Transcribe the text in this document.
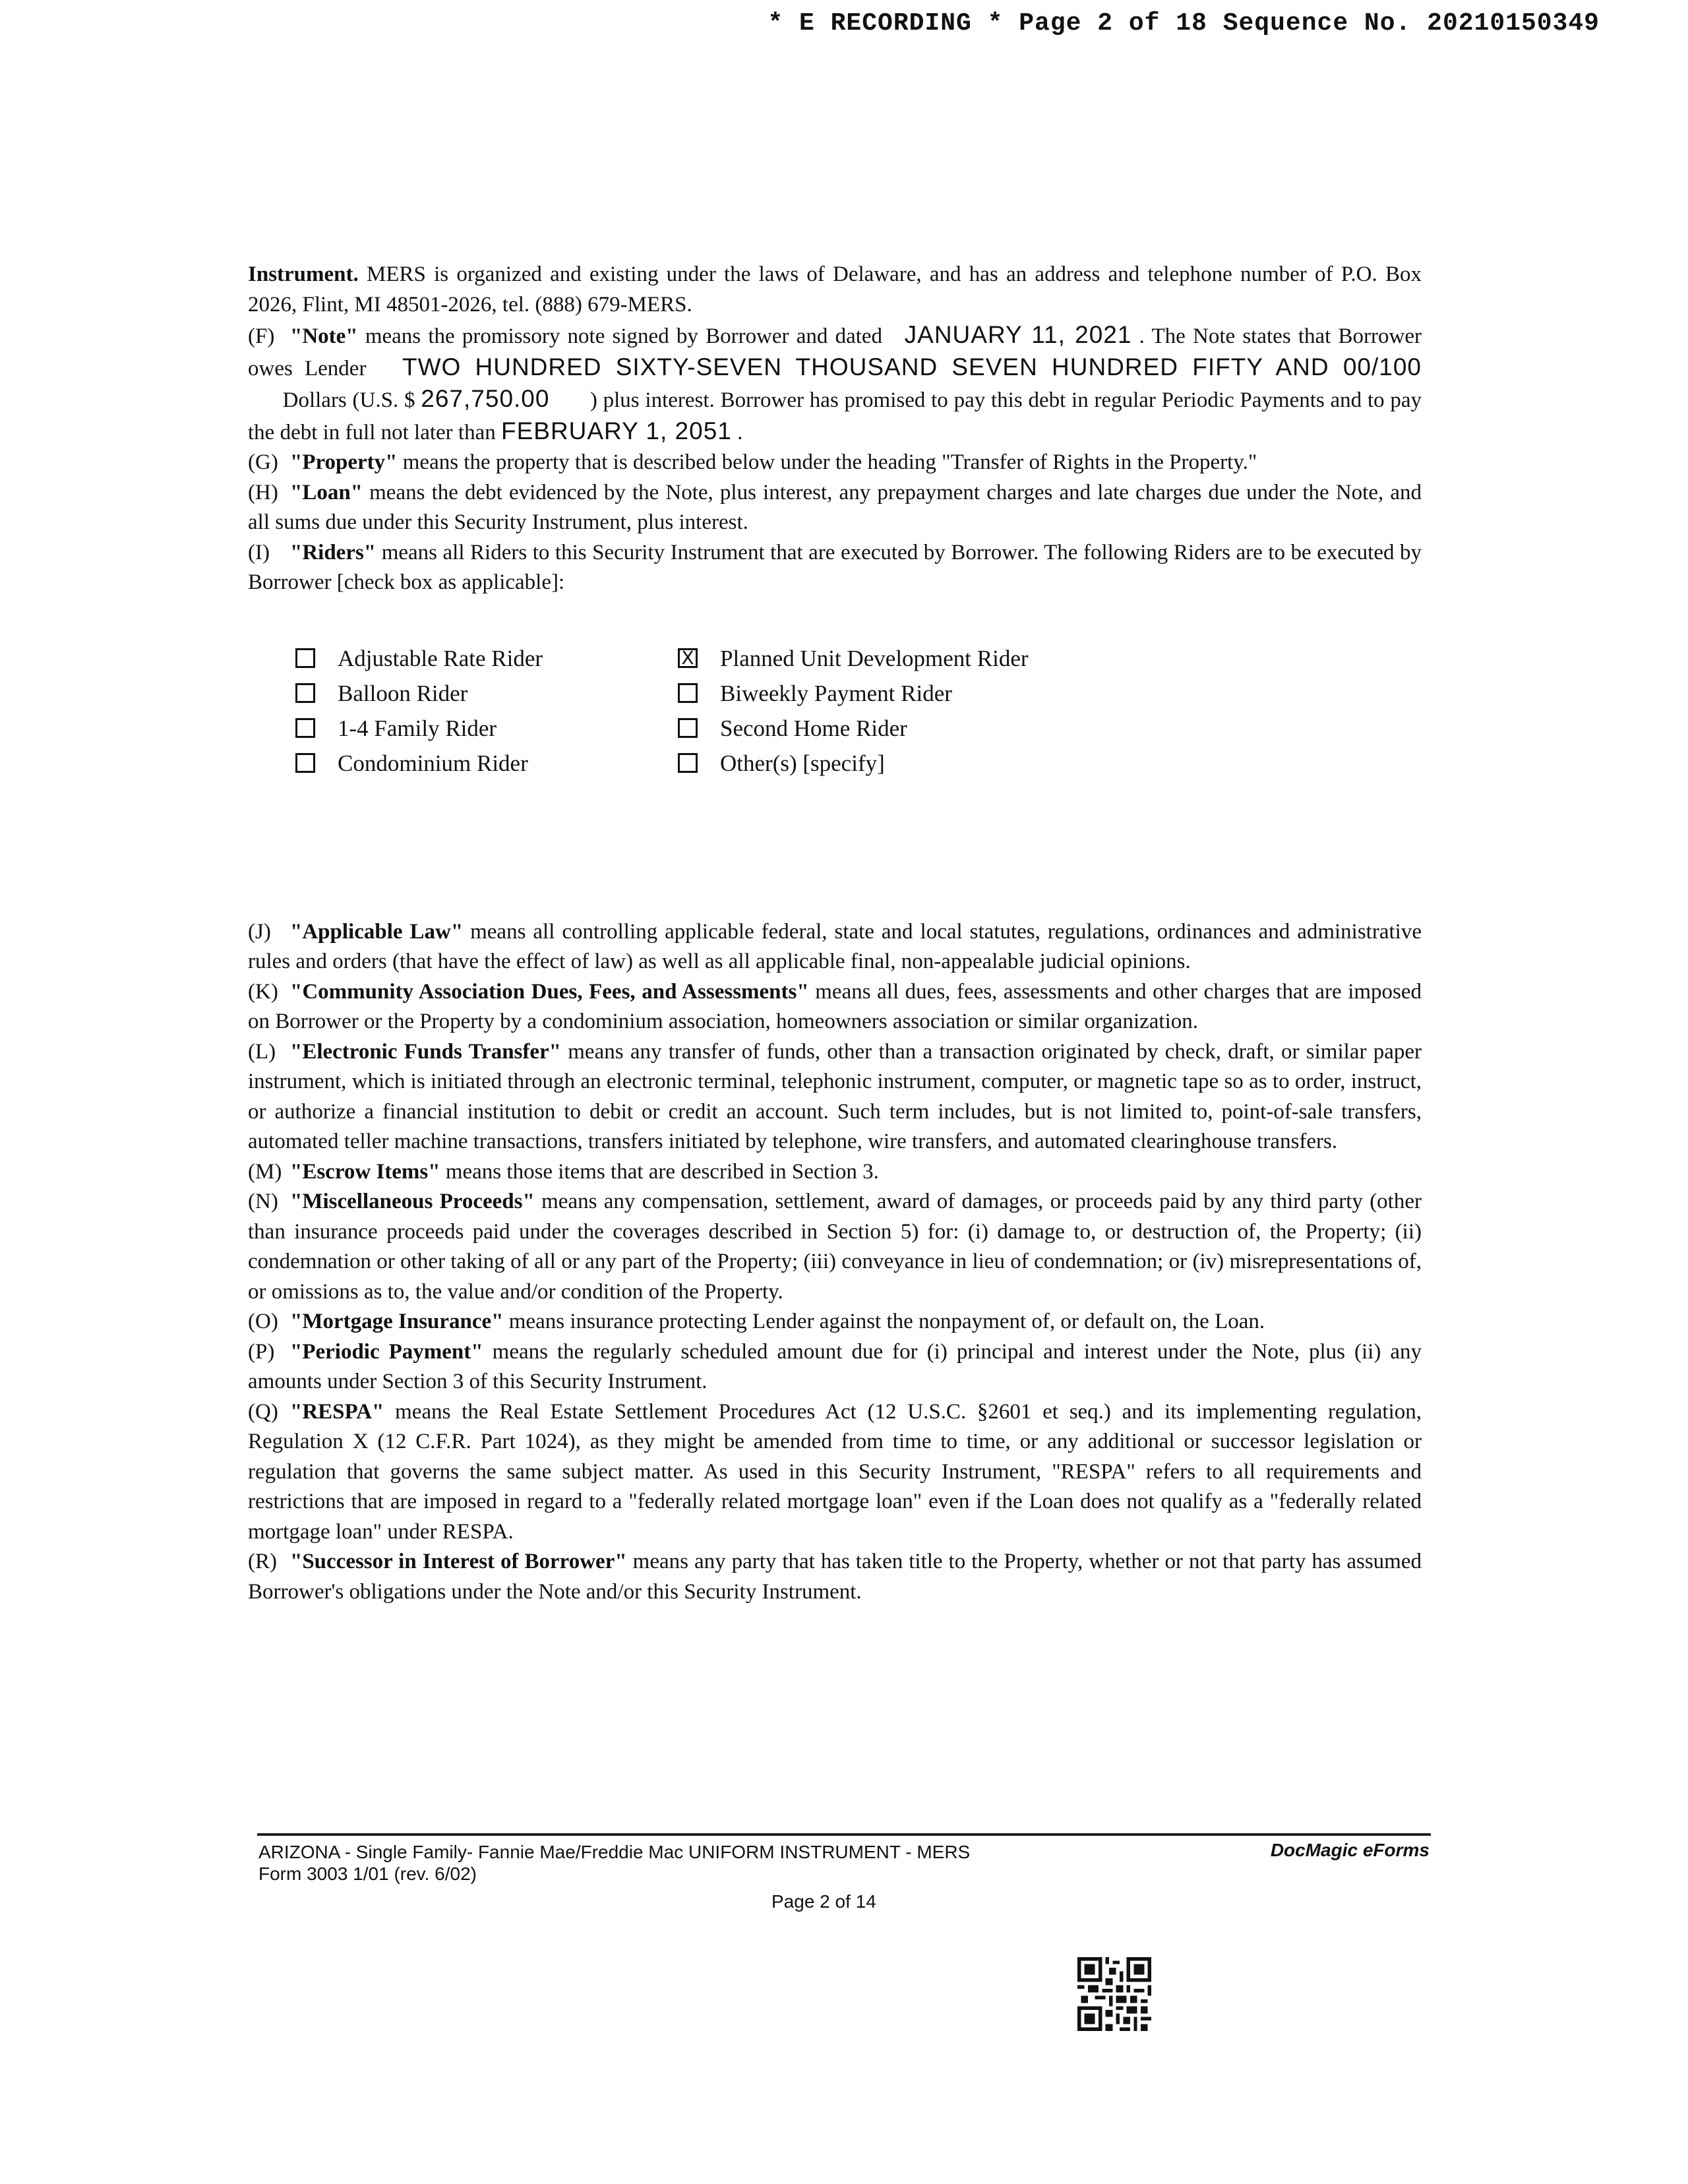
* E RECORDING * Page 2 of 18 Sequence No. 20210150349

Instrument. MERS is organized and existing under the laws of Delaware, and has an address and telephone number of P.O. Box 2026, Flint, MI 48501-2026, tel. (888) 679-MERS.

(F) "Note" means the promissory note signed by Borrower and dated JANUARY 11, 2021 . The Note states that Borrower owes Lender TWO HUNDRED SIXTY-SEVEN THOUSAND SEVEN HUNDRED FIFTY AND 00/100       Dollars (U.S. $ 267,750.00 ) plus interest. Borrower has promised to pay this debt in regular Periodic Payments and to pay the debt in full not later than FEBRUARY 1, 2051 .

(G) "Property" means the property that is described below under the heading "Transfer of Rights in the Property."

(H) "Loan" means the debt evidenced by the Note, plus interest, any prepayment charges and late charges due under the Note, and all sums due under this Security Instrument, plus interest.

(I) "Riders" means all Riders to this Security Instrument that are executed by Borrower. The following Riders are to be executed by Borrower [check box as applicable]:

Adjustable Rate Rider	X Planned Unit Development Rider
Balloon Rider	Biweekly Payment Rider
1-4 Family Rider	Second Home Rider
Condominium Rider	Other(s) [specify]

(J) "Applicable Law" means all controlling applicable federal, state and local statutes, regulations, ordinances and administrative rules and orders (that have the effect of law) as well as all applicable final, non-appealable judicial opinions.

(K) "Community Association Dues, Fees, and Assessments" means all dues, fees, assessments and other charges that are imposed on Borrower or the Property by a condominium association, homeowners association or similar organization.

(L) "Electronic Funds Transfer" means any transfer of funds, other than a transaction originated by check, draft, or similar paper instrument, which is initiated through an electronic terminal, telephonic instrument, computer, or magnetic tape so as to order, instruct, or authorize a financial institution to debit or credit an account. Such term includes, but is not limited to, point-of-sale transfers, automated teller machine transactions, transfers initiated by telephone, wire transfers, and automated clearinghouse transfers.

(M) "Escrow Items" means those items that are described in Section 3.

(N) "Miscellaneous Proceeds" means any compensation, settlement, award of damages, or proceeds paid by any third party (other than insurance proceeds paid under the coverages described in Section 5) for: (i) damage to, or destruction of, the Property; (ii) condemnation or other taking of all or any part of the Property; (iii) conveyance in lieu of condemnation; or (iv) misrepresentations of, or omissions as to, the value and/or condition of the Property.

(O) "Mortgage Insurance" means insurance protecting Lender against the nonpayment of, or default on, the Loan.

(P) "Periodic Payment" means the regularly scheduled amount due for (i) principal and interest under the Note, plus (ii) any amounts under Section 3 of this Security Instrument.

(Q) "RESPA" means the Real Estate Settlement Procedures Act (12 U.S.C. §2601 et seq.) and its implementing regulation, Regulation X (12 C.F.R. Part 1024), as they might be amended from time to time, or any additional or successor legislation or regulation that governs the same subject matter. As used in this Security Instrument, "RESPA" refers to all requirements and restrictions that are imposed in regard to a "federally related mortgage loan" even if the Loan does not qualify as a "federally related mortgage loan" under RESPA.

(R) "Successor in Interest of Borrower" means any party that has taken title to the Property, whether or not that party has assumed Borrower's obligations under the Note and/or this Security Instrument.

ARIZONA - Single Family- Fannie Mae/Freddie Mac UNIFORM INSTRUMENT - MERS
Form 3003 1/01 (rev. 6/02)
DocMagic eForms
Page 2 of 14
